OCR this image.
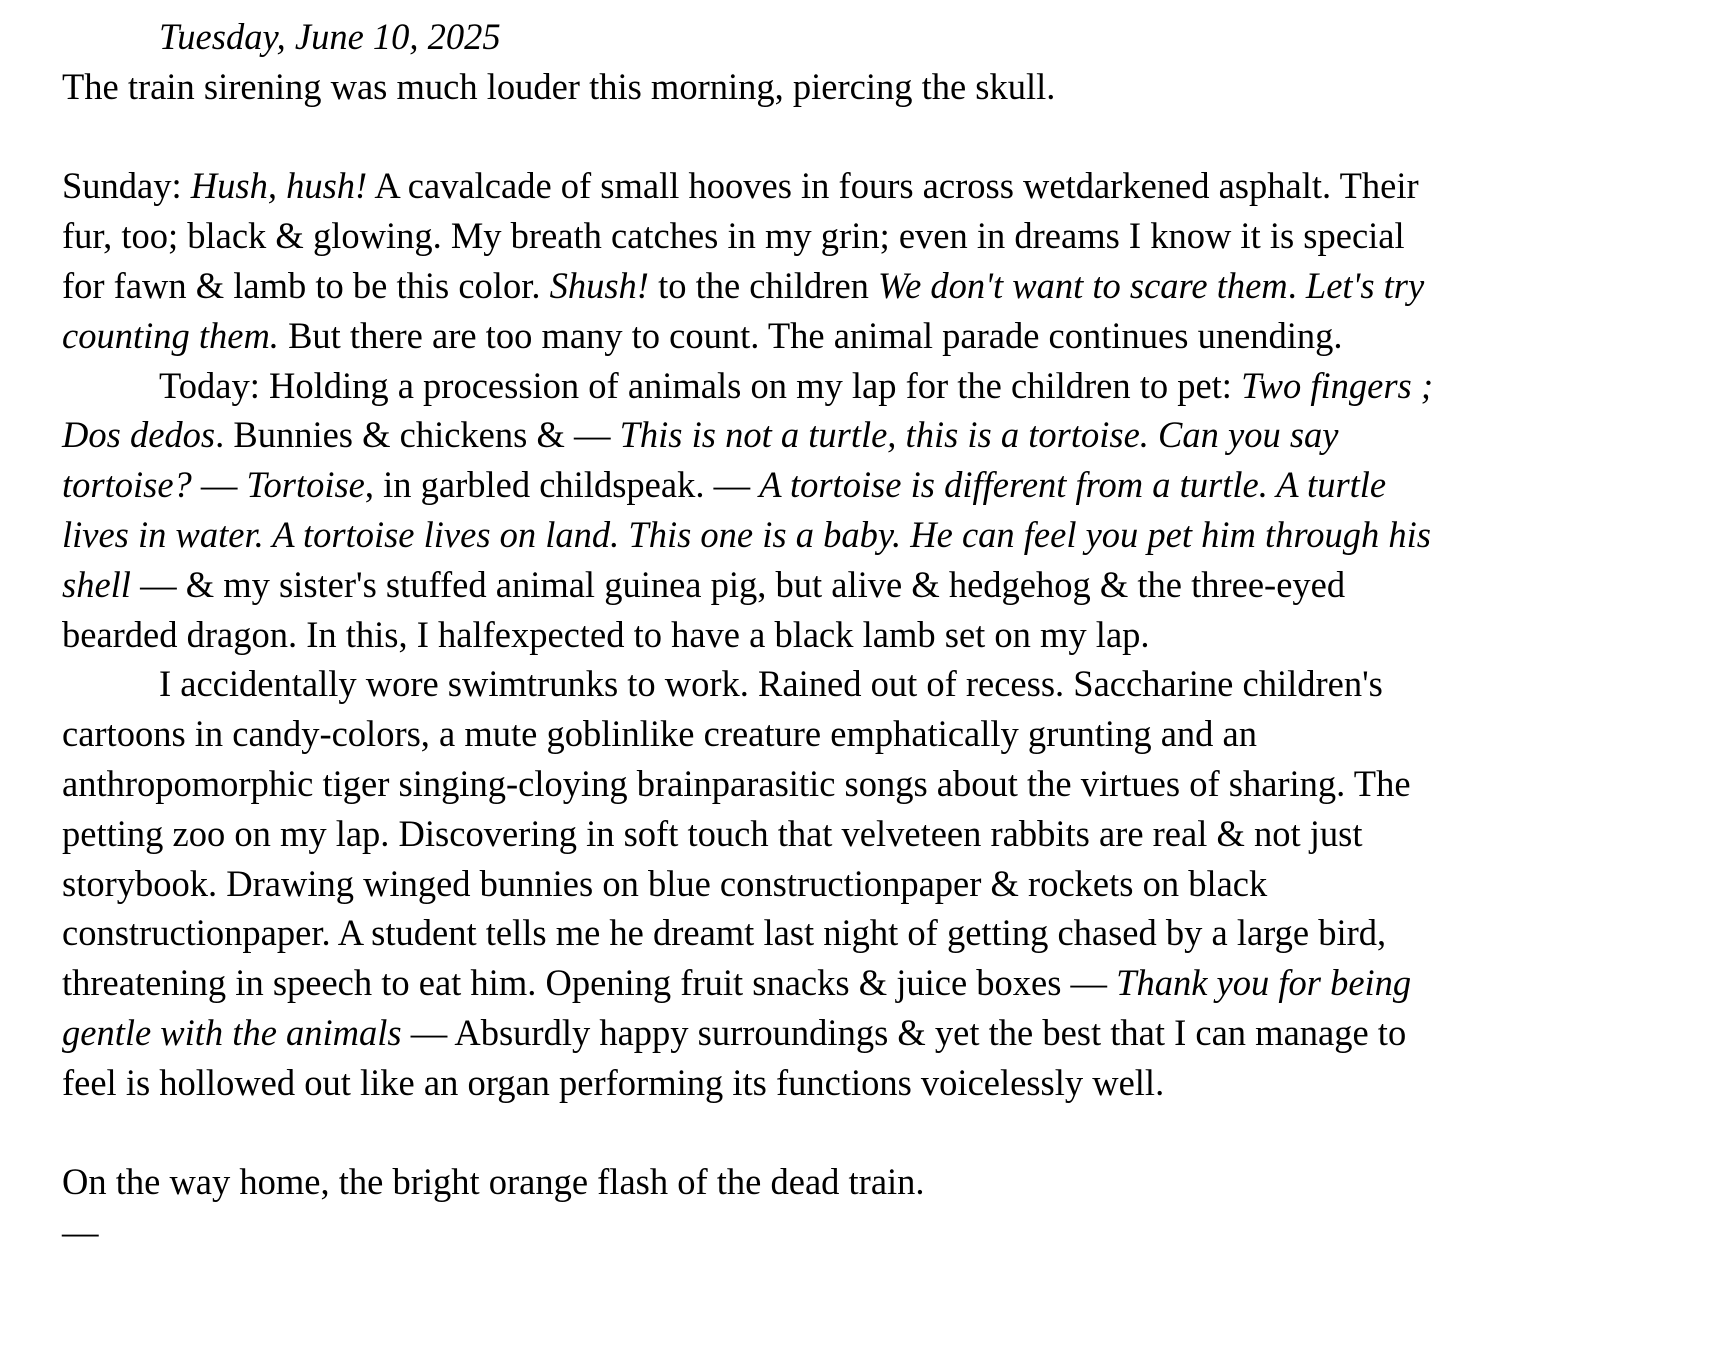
Tuesday, June 10, 2025

The train sirening was much louder this morning, piercing the skull.

Sunday: Hush, hush! A cavalcade of small hooves in fours across wetdarkened asphalt. Their fur, too; black & glowing. My breath catches in my grin; even in dreams I know it is special for fawn & lamb to be this color. Shush! to the children We don't want to scare them. Let's try counting them. But there are too many to count. The animal parade continues unending.

Today: Holding a procession of animals on my lap for the children to pet: Two fingers ; Dos dedos. Bunnies & chickens & — This is not a turtle, this is a tortoise. Can you say tortoise? — Tortoise, in garbled childspeak. — A tortoise is different from a turtle. A turtle lives in water. A tortoise lives on land. This one is a baby. He can feel you pet him through his shell — & my sister's stuffed animal guinea pig, but alive & hedgehog & the three-eyed bearded dragon. In this, I halfexpected to have a black lamb set on my lap.

I accidentally wore swimtrunks to work. Rained out of recess. Saccharine children's cartoons in candy-colors, a mute goblinlike creature emphatically grunting and an anthropomorphic tiger singing-cloying brainparasitic songs about the virtues of sharing. The petting zoo on my lap. Discovering in soft touch that velveteen rabbits are real & not just storybook. Drawing winged bunnies on blue constructionpaper & rockets on black constructionpaper. A student tells me he dreamt last night of getting chased by a large bird, threatening in speech to eat him. Opening fruit snacks & juice boxes — Thank you for being gentle with the animals — Absurdly happy surroundings & yet the best that I can manage to feel is hollowed out like an organ performing its functions voicelessly well.

On the way home, the bright orange flash of the dead train.

—
